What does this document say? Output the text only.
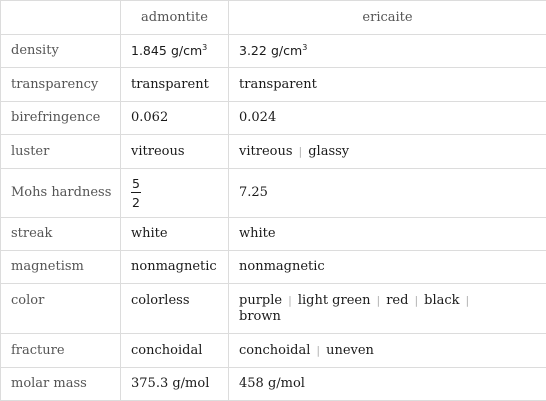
	admontite	ericaite
density	1.845 $g/cm^3$	3.22 $g/cm^3$
transparency	transparent	transparent
birefringence	0.062	0.024
luster	vitreous	vitreous | glassy
Mohs hardness	$\frac{5}{2}$	7.25
streak	white	white
magnetism	nonmagnetic	nonmagnetic
color	colorless	purple | light green | red | black |
brown
fracture	conchoidal	conchoidal | uneven
molar mass	375.3 g/mol	458 g/mol
